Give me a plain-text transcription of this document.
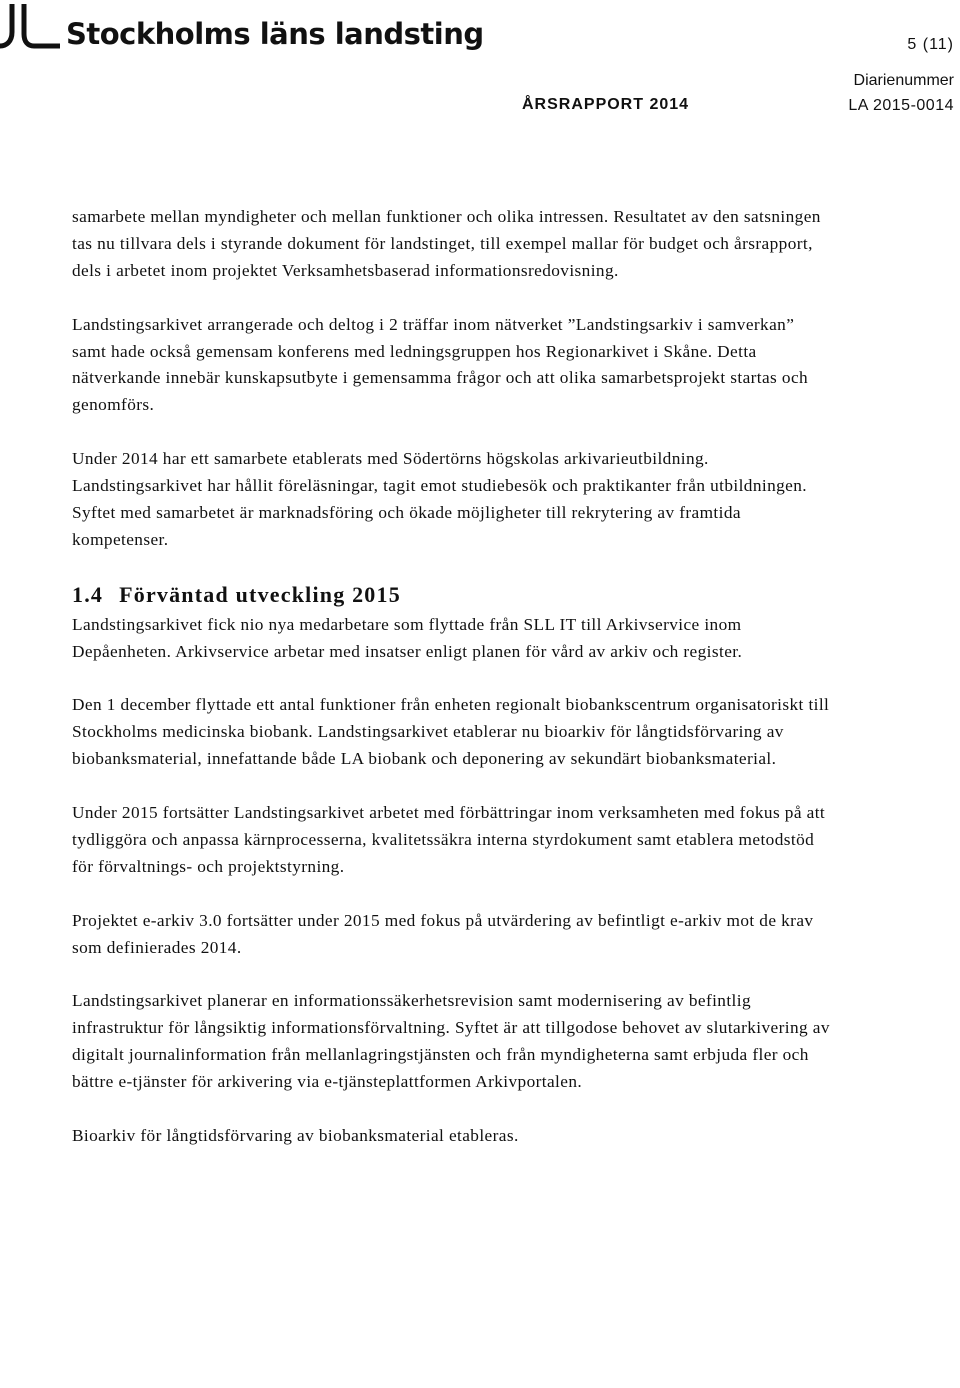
Stockholms läns landsting	5 (11)
Diarienummer
ÅRSRAPPORT 2014	LA 2015-0014

samarbete mellan myndigheter och mellan funktioner och olika intressen. Resultatet av den satsningen tas nu tillvara dels i styrande dokument för landstinget, till exempel mallar för budget och årsrapport, dels i arbetet inom projektet Verksamhetsbaserad informationsredovisning.

Landstingsarkivet arrangerade och deltog i 2 träffar inom nätverket ”Landstingsarkiv i samverkan” samt hade också gemensam konferens med ledningsgruppen hos Regionarkivet i Skåne. Detta nätverkande innebär kunskapsutbyte i gemensamma frågor och att olika samarbetsprojekt startas och genomförs.

Under 2014 har ett samarbete etablerats med Södertörns högskolas arkivarieutbildning. Landstingsarkivet har hållit föreläsningar, tagit emot studiebesök och praktikanter från utbildningen. Syftet med samarbetet är marknadsföring och ökade möjligheter till rekrytering av framtida kompetenser.

1.4 Förväntad utveckling 2015

Landstingsarkivet fick nio nya medarbetare som flyttade från SLL IT till Arkivservice inom Depåenheten. Arkivservice arbetar med insatser enligt planen för vård av arkiv och register.

Den 1 december flyttade ett antal funktioner från enheten regionalt biobankscentrum organisatoriskt till Stockholms medicinska biobank. Landstingsarkivet etablerar nu bioarkiv för långtidsförvaring av biobanksmaterial, innefattande både LA biobank och deponering av sekundärt biobanksmaterial.

Under 2015 fortsätter Landstingsarkivet arbetet med förbättringar inom verksamheten med fokus på att tydliggöra och anpassa kärnprocesserna, kvalitetssäkra interna styrdokument samt etablera metodstöd för förvaltnings- och projektstyrning.

Projektet e-arkiv 3.0 fortsätter under 2015 med fokus på utvärdering av befintligt e-arkiv mot de krav som definierades 2014.

Landstingsarkivet planerar en informationssäkerhetsrevision samt modernisering av befintlig infrastruktur för långsiktig informationsförvaltning. Syftet är att tillgodose behovet av slutarkivering av digitalt journalinformation från mellanlagringstjänsten och från myndigheterna samt erbjuda fler och bättre e-tjänster för arkivering via e-tjänsteplattformen Arkivportalen.

Bioarkiv för långtidsförvaring av biobanksmaterial etableras.
